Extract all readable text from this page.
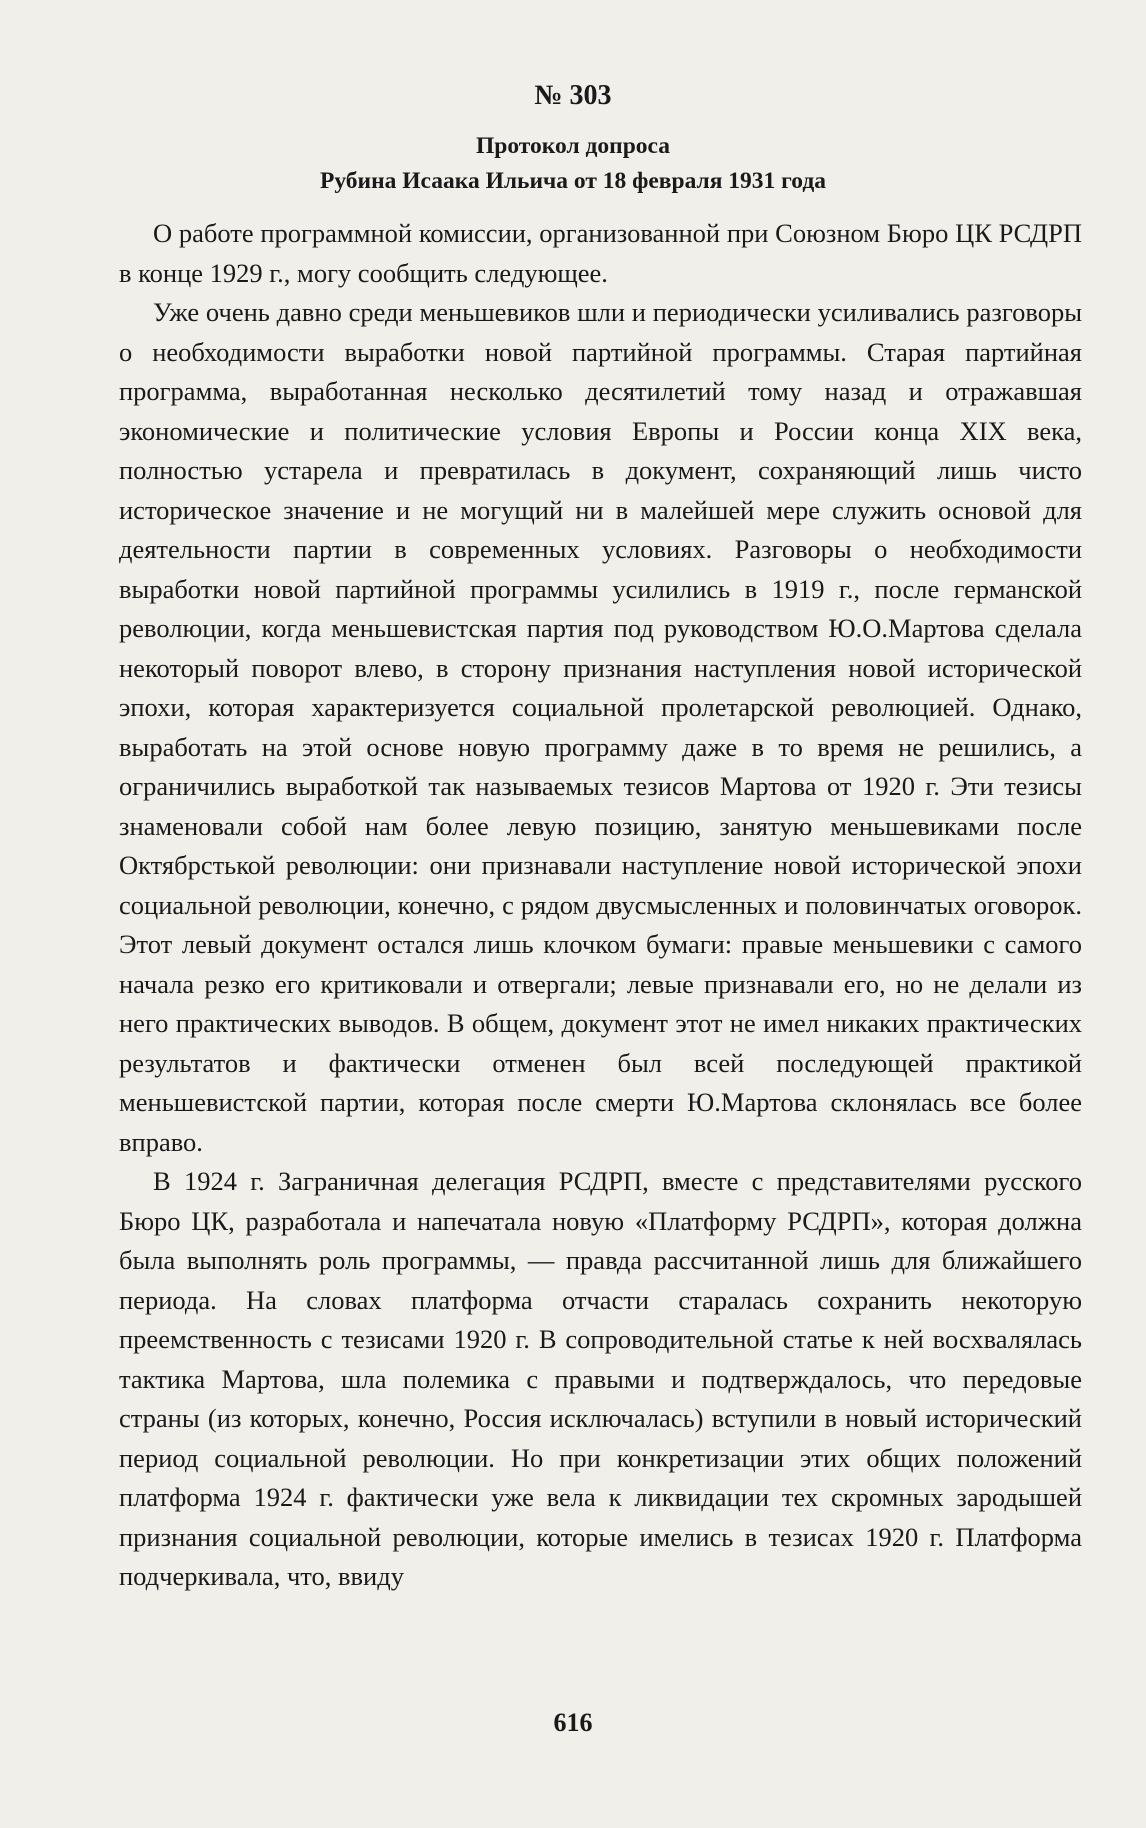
№ 303
Протокол допроса
Рубина Исаака Ильича от 18 февраля 1931 года

О работе программной комиссии, организованной при Союзном Бюро ЦК РСДРП в конце 1929 г., могу сообщить следующее.

Уже очень давно среди меньшевиков шли и периодически усиливались разговоры о необходимости выработки новой партийной программы. Старая партийная программа, выработанная несколько десятилетий тому назад и отражавшая экономические и политические условия Европы и России конца XIX века, полностью устарела и превратилась в документ, сохраняющий лишь чисто историческое значение и не могущий ни в малейшей мере служить основой для деятельности партии в современных условиях. Разговоры о необходимости выработки новой партийной программы усилились в 1919 г., после германской революции, когда меньшевистская партия под руководством Ю.О.Мартова сделала некоторый поворот влево, в сторону признания наступления новой исторической эпохи, которая характеризуется социальной пролетарской революцией. Однако, выработать на этой основе новую программу даже в то время не решились, а ограничились выработкой так называемых тезисов Мартова от 1920 г. Эти тезисы знаменовали собой нам более левую позицию, занятую меньшевиками после Октябрстькой революции: они признавали наступление новой исторической эпохи социальной революции, конечно, с рядом двусмысленных и половинчатых оговорок. Этот левый документ остался лишь клочком бумаги: правые меньшевики с самого начала резко его критиковали и отвергали; левые признавали его, но не делали из него практических выводов. В общем, документ этот не имел никаких практических результатов и фактически отменен был всей последующей практикой меньшевистской партии, которая после смерти Ю.Мартова склонялась все более вправо.

В 1924 г. Заграничная делегация РСДРП, вместе с представителями русского Бюро ЦК, разработала и напечатала новую «Платформу РСДРП», которая должна была выполнять роль программы, — правда рассчитанной лишь для ближайшего периода. На словах платформа отчасти старалась сохранить некоторую преемственность с тезисами 1920 г. В сопроводительной статье к ней восхвалялась тактика Мартова, шла полемика с правыми и подтверждалось, что передовые страны (из которых, конечно, Россия исключалась) вступили в новый исторический период социальной революции. Но при конкретизации этих общих положений платформа 1924 г. фактически уже вела к ликвидации тех скромных зародышей признания социальной революции, которые имелись в тезисах 1920 г. Платформа подчеркивала, что, ввиду

616
